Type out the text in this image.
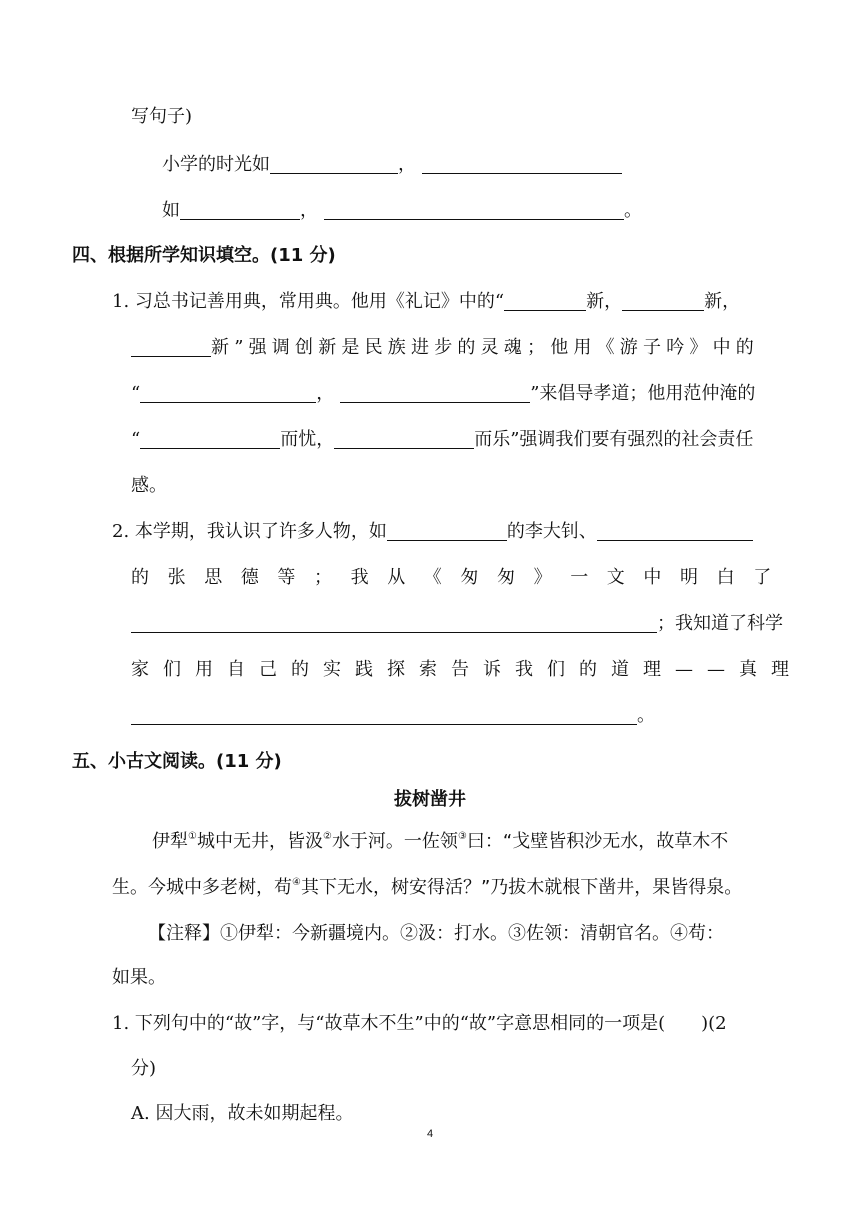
写句子)
小学的时光如	，
如	，	。
四、根据所学知识填空。(11 分)
1. 习总书记善用典，常用典。他用《礼记》中的“	新，	新，
新”强调创新是民族进步的灵魂；他用《游子吟》中的
“	，	”来倡导孝道；他用范仲淹的
“	而忧，	而乐”强调我们要有强烈的社会责任
感。
2. 本学期，我认识了许多人物，如	的李大钊、
的张思德等；我从《匆匆》一文中明白了
；我知道了科学
家们用自己的实践探索告诉我们的道理——真理
。
五、小古文阅读。(11 分)
拔树凿井
伊犁①城中无井，皆汲②水于河。一佐领③曰：“戈壁皆积沙无水，故草木不
生。今城中多老树，苟④其下无水，树安得活？”乃拔木就根下凿井，果皆得泉。
【注释】①伊犁：今新疆境内。②汲：打水。③佐领：清朝官名。④苟：
如果。
1. 下列句中的“故”字，与“故草木不生”中的“故”字意思相同的一项是(　　)(2
分)
A. 因大雨，故未如期起程。
4
